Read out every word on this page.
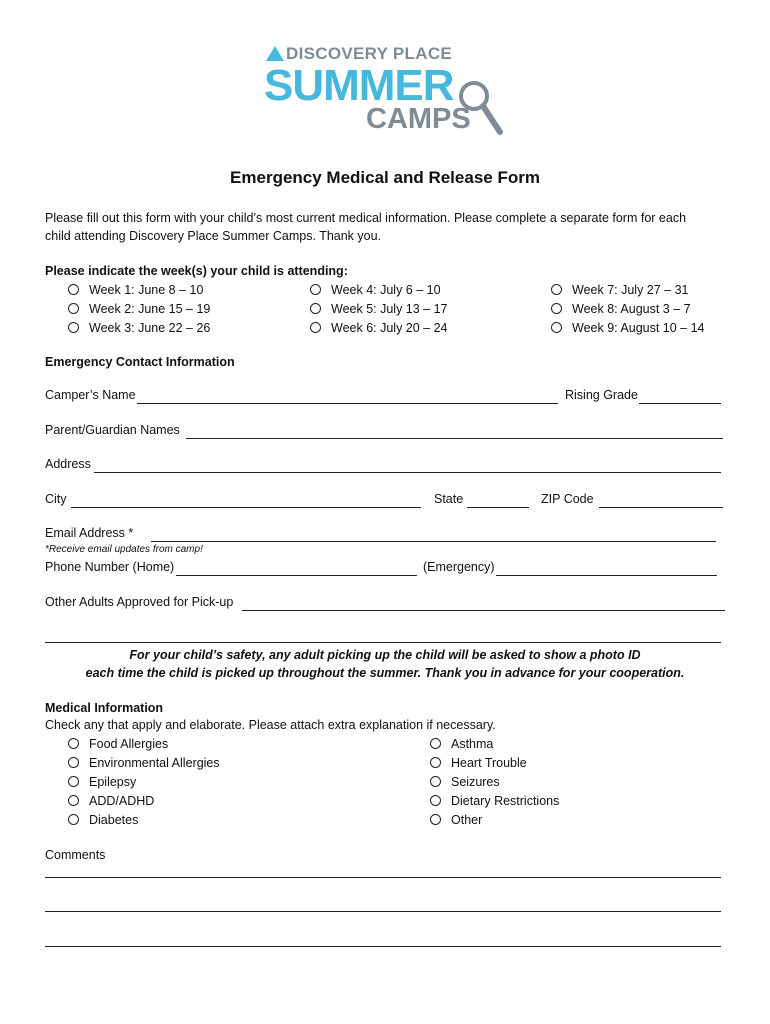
DISCOVERY PLACE
SUMMER
CAMPS
Emergency Medical and Release Form
Please fill out this form with your child’s most current medical information. Please complete a separate form for each
child attending Discovery Place Summer Camps. Thank you.
Please indicate the week(s) your child is attending:
Week 1: June 8 – 10
Week 2: June 15 – 19
Week 3: June 22 – 26
Week 4: July 6 – 10
Week 5: July 13 – 17
Week 6: July 20 – 24
Week 7: July 27 – 31
Week 8: August 3 – 7
Week 9: August 10 – 14
Emergency Contact Information
Camper’s Name	Rising Grade
Parent/Guardian Names
Address
City	State	ZIP Code
Email Address *
*Receive email updates from camp!
Phone Number (Home)	(Emergency)
Other Adults Approved for Pick-up
For your child’s safety, any adult picking up the child will be asked to show a photo ID
each time the child is picked up throughout the summer. Thank you in advance for your cooperation.
Medical Information
Check any that apply and elaborate. Please attach extra explanation if necessary.
Food Allergies
Environmental Allergies
Epilepsy
ADD/ADHD
Diabetes
Asthma
Heart Trouble
Seizures
Dietary Restrictions
Other
Comments
